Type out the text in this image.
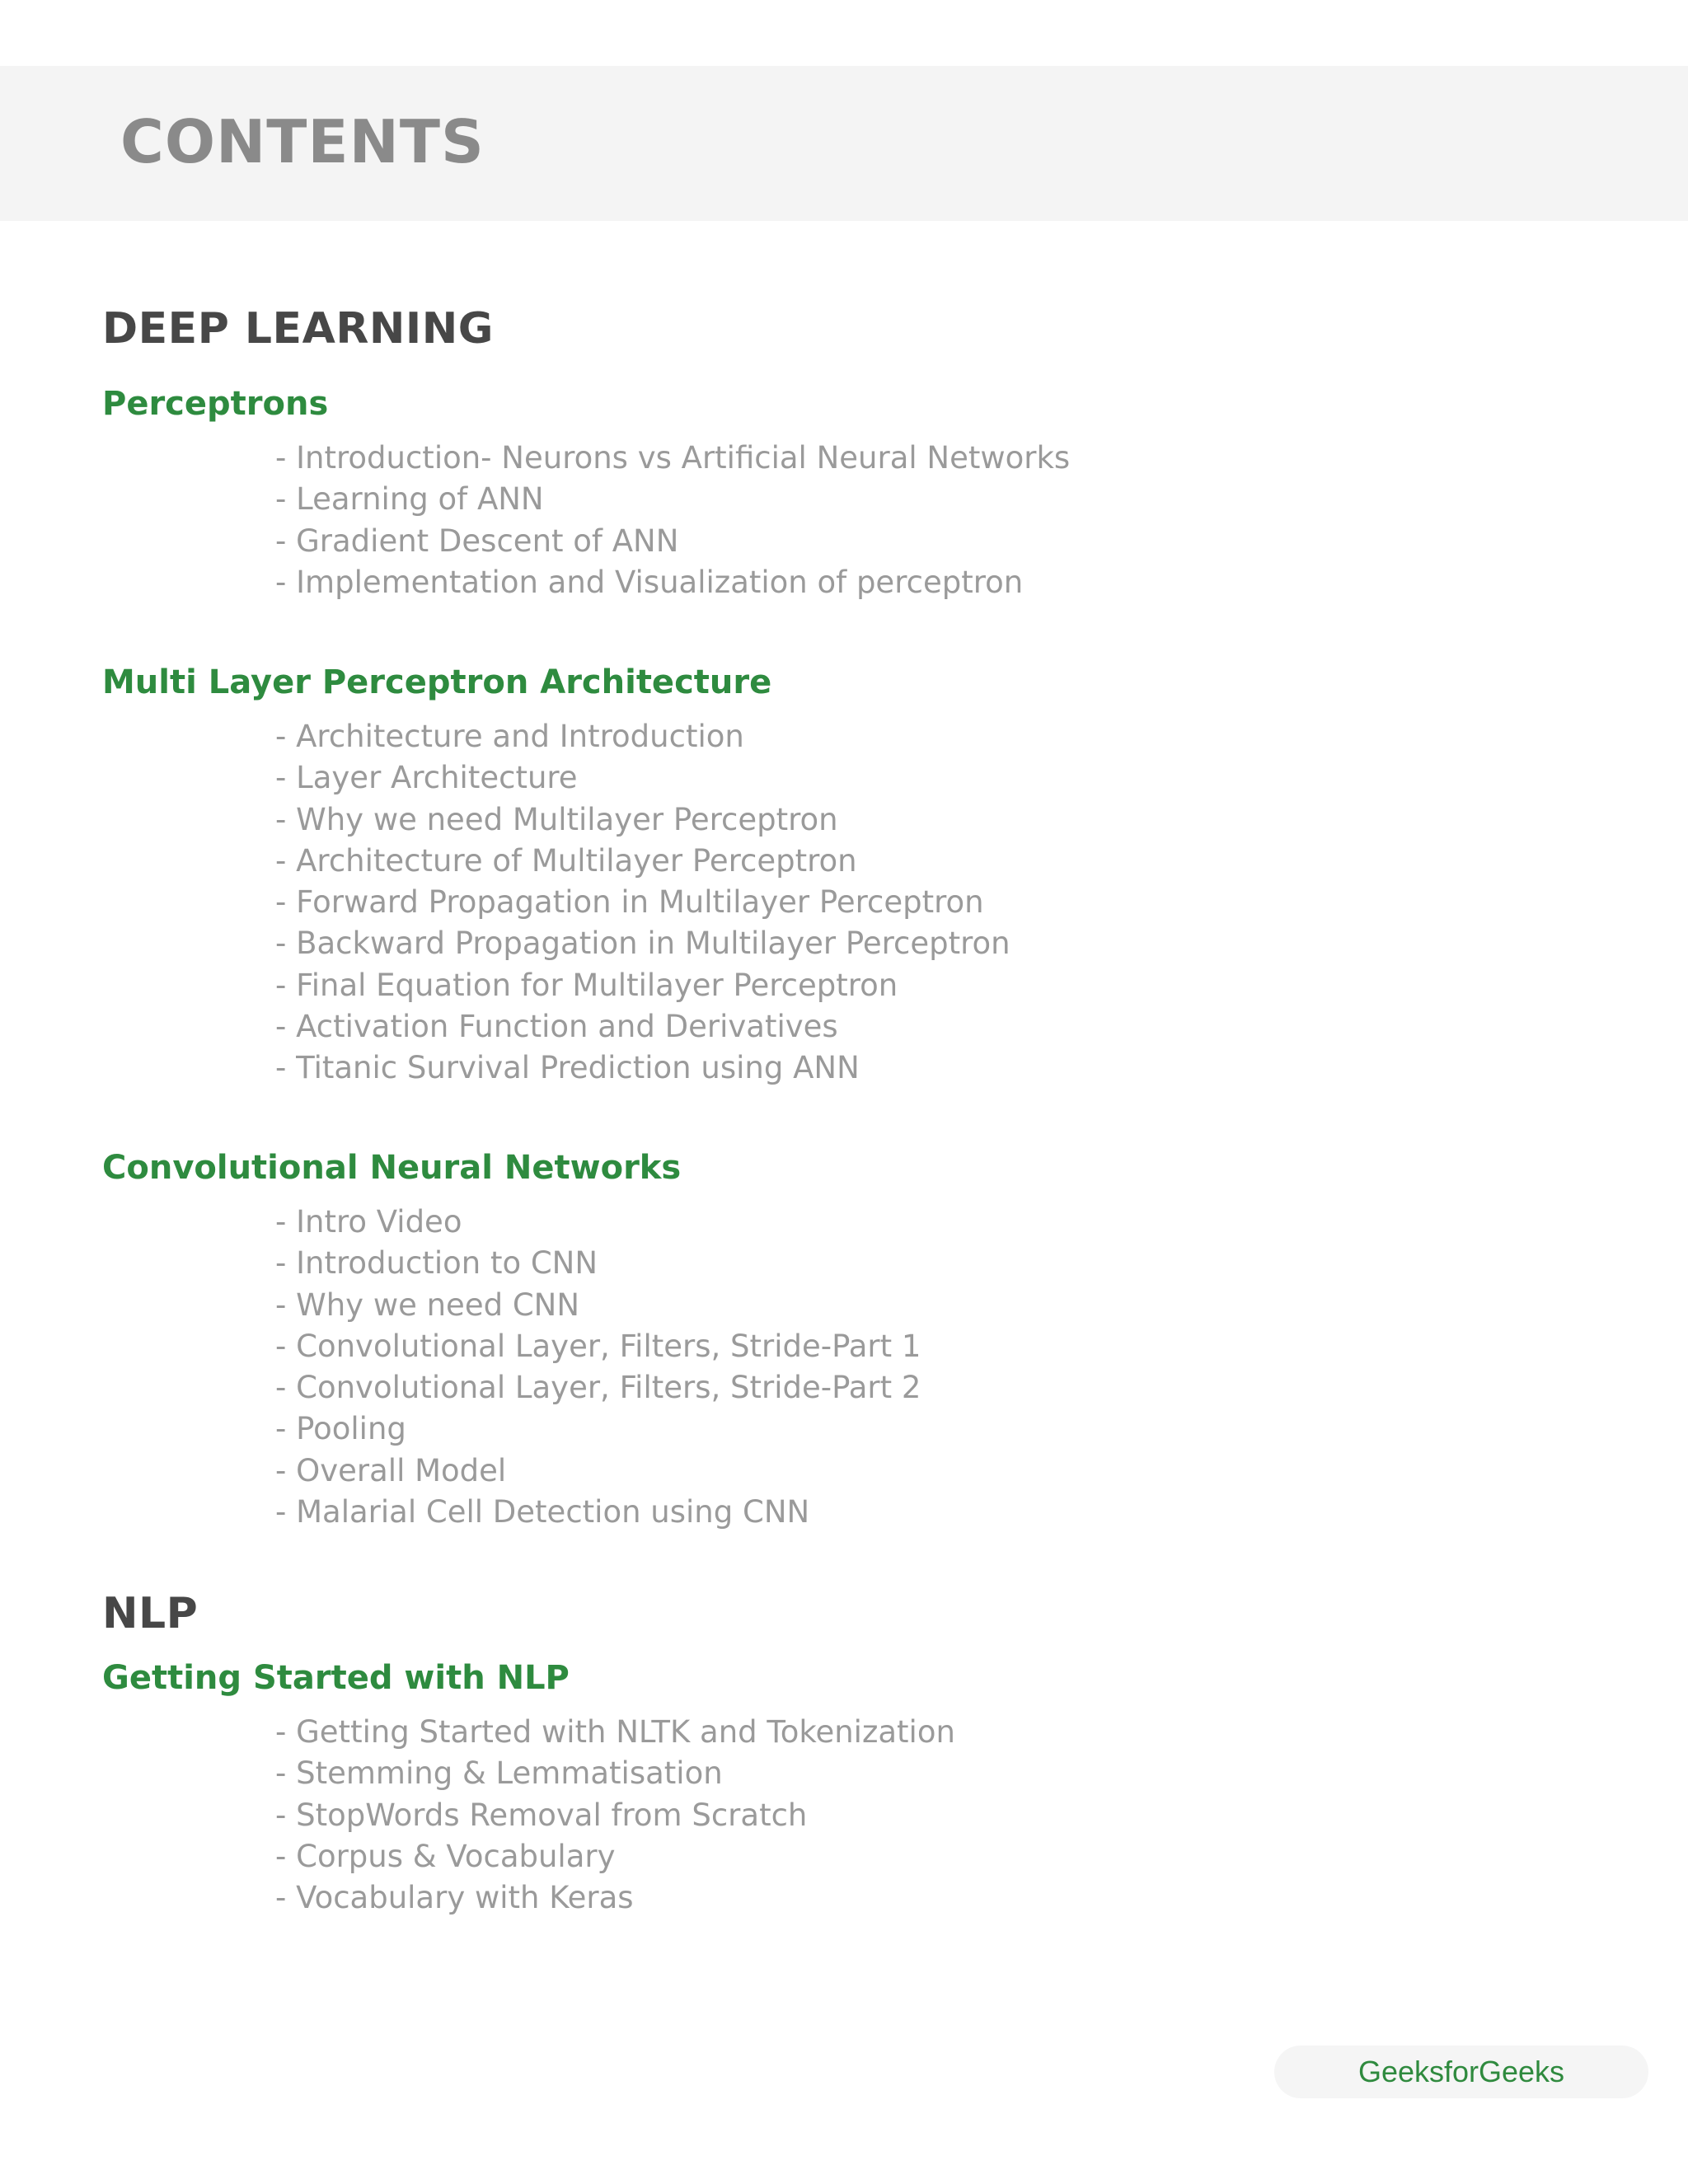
CONTENTS
DEEP LEARNING
Perceptrons
- Introduction- Neurons vs Artificial Neural Networks
- Learning of ANN
- Gradient Descent of ANN
- Implementation and Visualization of perceptron
Multi Layer Perceptron Architecture
- Architecture and Introduction
- Layer Architecture
- Why we need Multilayer Perceptron
- Architecture of Multilayer Perceptron
- Forward Propagation in Multilayer Perceptron
- Backward Propagation in Multilayer Perceptron
- Final Equation for Multilayer Perceptron
- Activation Function and Derivatives
- Titanic Survival Prediction using ANN
Convolutional Neural Networks
- Intro Video
- Introduction to CNN
- Why we need CNN
- Convolutional Layer, Filters, Stride-Part 1
- Convolutional Layer, Filters, Stride-Part 2
- Pooling
- Overall Model
- Malarial Cell Detection using CNN
NLP
Getting Started with NLP
- Getting Started with NLTK and Tokenization
- Stemming & Lemmatisation
- StopWords Removal from Scratch
- Corpus & Vocabulary
- Vocabulary with Keras
GeeksforGeeks
